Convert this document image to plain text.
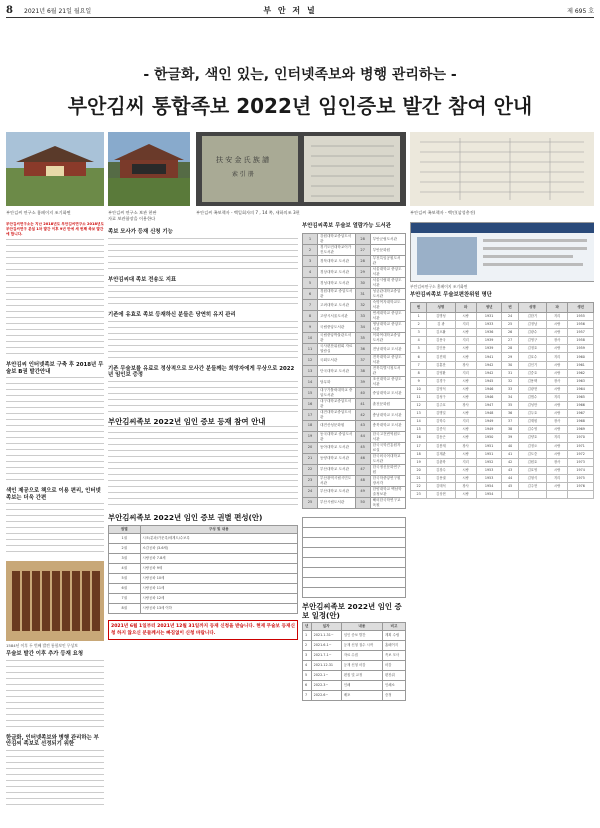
8 2021년 6월 21일 월요일	부 안 저 널	제 695 호
- 한글화, 색인 있는, 인터넷족보와 병행 관리하는 -
부안김씨 통합족보 2022년 임인증보 발간 참여 안내
扶 安 金 氏 族 譜
索 引 册
부안김씨 연구소 홈페이지 조기화면	부안김씨 연구소 보관 현판
자료 보관함장을 이용한다
부안김씨 족보책자 - 백일회자의 7 , 14 쪽, 새하의조 3편	부안김씨 족보책자 - 백인(삼성총진)

부안김씨연구소는 지난 2018년도 부안김씨연구소 2018년도 부안김씨연구 분설 1차 발간 이후 9년 만에 세 번째 족보 발간에 합니다.

부안김씨 인터넷족보 구축 후 2018년 무술보 B권 발간안내
색인 제공으로 책으로 이용 편리, 인터넷족보는 더욱 간편
1584년 이후 두 번째 발견 통합보인 무상보
무술보 발간 이후 추가 등재 요청
한글화, 인터넷족보와 병행 관리하는 부안김씨 족보로 선정되기 위한
족보 모사가 등재 신청 기능
부안김씨대 족보 전송도 지표
기존에 유효로 족보 등재하신 분들은 당연히 유지 관리
기존 무술보를 유료로 정상적으로 모사간 분들께는 희망자에게 무상으로 2022년 임인보 증정
부안김씨족보 2022년 임인 증보 등재 참여 안내
부안김씨족보 2022년 임인 증보 권별 편성(안)
권별	구성 및 내용
1권	시조/분파/가문록/세계도/수보록
2권	소감공파 (3-6세)
3권	시랑공파 7-8세
4권	시랑공파 9세
5권	시랑공파 10세
6권	시랑공파 11세
7권	시랑공파 12세
8권	시랑공파 13세 이하
2021년 6월 1일부터 2021년 12월 31일까지 등재 신청을 받습니다. 현재 무술보 등재신청 하지 않으신 분들께서는 빠짐없이 신청 바랍니다.
부안김씨족보 무술보 열람가능 도서관
1	강원대학교중앙도서관	28	부안군립도서관
2	경기도민대학교이가진도서관	27	부안문화원
3	경북대학교 도서관	28	부천특임공원도서관
4	경상대학교 도서관	29	서울대학교 중앙도서관
5	경성대학교 도서관	30	서울시립대 중앙도서관
6	경원대학교 중앙도서관	31	성균관대학교중앙도서관
7	고려대학교 도서관	32	숙명여자대학교도서관
8	고양시서울도서관	33	연세대학교 중앙도서관
9	국립중앙도서관	34	영남대학교 중앙도서관
10	국립중앙박물관도서관	35	이화여대학교중앙도서관
11	국사편찬위원회 자료열람실	36	전남대학교 도서관
12	국회도서관	37	전북대학교 중앙도서관
13	단국대학교 도서관	38	전북특별시청도서관
14	담무화	39	조선대학교 중앙도서관
15	대구가톨릭대학교 중앙도서관	40	중앙대학교 도서관
16	대구대학교중앙도서관	41	춘천문화원
17	대전대학교중앙도서관	42	충남대학교 도서관
18	대전산성문화원	43	충북대학교 도서관
19	동국대학교 중앙도서관	44	한국고전번역원도서관
20	동아대학교 도서관	45	한국국학진흥원자료실
21	동양대학교 도서관	46	한국외국어대학교도서관
22	부산대학교 도서관	47	한국정신문화연구원
23	부산광역시립시민도서관	48	한국학중앙연구원장서각
24	부산대학교 도서관	49	한양대학교 백남학술정보관
25	부산시립도서관	50	해외한국학연구교육원

부안김씨족보 2022년 임인 증보 일정(안)
년	일자	내용	비고
1	2021.1.31~	임인 증보 발간	계획 수립
2	2021.6.1~	등재 신청 접수 시작	홈페이지
3	2021.7.1~	자료 수집	족보 모사
4	2021.12.31	등재 신청 마감	마감
5	2022.1~	편집 및 교정	편찬위
6	2022.3~	인쇄	인쇄소
7	2022.6~	배포	증정
부안김씨연구소 홈페이지 조기화면
부안김씨족보 무술보편찬위원 명단
번	성명	파	생년	번	성명	파	생년
1	김병성	시랑	1931	24	김한기	지리	1955
2	김 광	지리	1933	25	김정남	시랑	1956
3	김오활	시랑	1936	26	김광수	시랑	1957
4	김용국	지리	1939	27	김영구	장사	1958
5	김인용	시랑	1939	28	김정호	시랑	1959
6	김진태	시랑	1941	29	김호수	지리	1960
7	김훈찬	장사	1942	30	김인기	시랑	1961
8	김영환	지리	1942	31	김중호	시랑	1962
9	김경구	시랑	1945	32	김용택	장사	1963
10	김영석	시랑	1946	33	김광현	시랑	1964
11	김성구	시랑	1946	34	김범수	지리	1965
12	김주호	장사	1947	35	김성만	시랑	1966
13	김병일	시랑	1948	36	김두호	시랑	1967
14	김학수	지리	1949	37	김재원	장사	1968
15	김종식	시랑	1949	38	김수영	시랑	1969
16	김동곤	시랑	1950	39	김양호	지리	1970
17	김봉재	장사	1951	40	김정오	시랑	1971
18	김재관	시랑	1951	41	김도중	시랑	1972
19	김춘학	지리	1952	42	김원호	장사	1973
20	김창수	시랑	1953	43	김호영	시랑	1974
21	김용권	시랑	1953	44	김형식	지리	1975
22	김태석	장사	1954	45	김주현	시랑	1976
23	김상현	시랑	1954				
